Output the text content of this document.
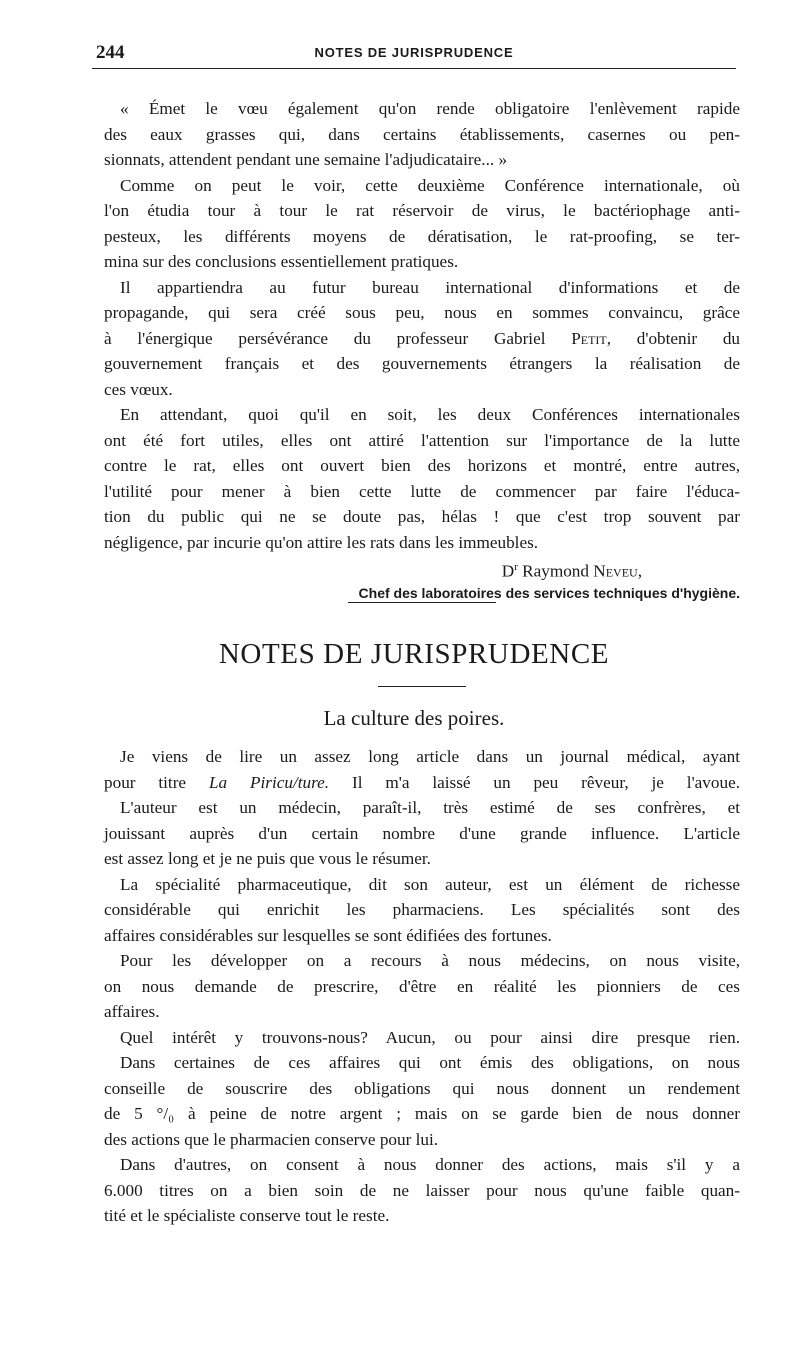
244	NOTES DE JURISPRUDENCE
« Émet le vœu également qu'on rende obligatoire l'enlèvement rapide
des eaux grasses qui, dans certains établissements, casernes ou pen-
sionnats, attendent pendant une semaine l'adjudicataire... »
Comme on peut le voir, cette deuxième Conférence internationale, où
l'on étudia tour à tour le rat réservoir de virus, le bactériophage anti-
pesteux, les différents moyens de dératisation, le rat-proofing, se ter-
mina sur des conclusions essentiellement pratiques.
Il appartiendra au futur bureau international d'informations et de
propagande, qui sera créé sous peu, nous en sommes convaincu, grâce
à l'énergique persévérance du professeur Gabriel Petit, d'obtenir du
gouvernement français et des gouvernements étrangers la réalisation de
ces vœux.
En attendant, quoi qu'il en soit, les deux Conférences internationales
ont été fort utiles, elles ont attiré l'attention sur l'importance de la lutte
contre le rat, elles ont ouvert bien des horizons et montré, entre autres,
l'utilité pour mener à bien cette lutte de commencer par faire l'éduca-
tion du public qui ne se doute pas, hélas ! que c'est trop souvent par
négligence, par incurie qu'on attire les rats dans les immeubles.
$D^r$ Raymond Neveu,
Chef des laboratoires des services techniques d'hygiène.
NOTES DE JURISPRUDENCE
La culture des poires.
Je viens de lire un assez long article dans un journal médical, ayant
pour titre La Piricu/ture. Il m'a laissé un peu rêveur, je l'avoue.
L'auteur est un médecin, paraît-il, très estimé de ses confrères, et
jouissant auprès d'un certain nombre d'une grande influence. L'article
est assez long et je ne puis que vous le résumer.
La spécialité pharmaceutique, dit son auteur, est un élément de richesse
considérable qui enrichit les pharmaciens. Les spécialités sont des
affaires considérables sur lesquelles se sont édifiées des fortunes.
Pour les développer on a recours à nous médecins, on nous visite,
on nous demande de prescrire, d'être en réalité les pionniers de ces
affaires.
Quel intérêt y trouvons-nous? Aucun, ou pour ainsi dire presque rien.
Dans certaines de ces affaires qui ont émis des obligations, on nous
conseille de souscrire des obligations qui nous donnent un rendement
de 5 °/₀ à peine de notre argent ; mais on se garde bien de nous donner
des actions que le pharmacien conserve pour lui.
Dans d'autres, on consent à nous donner des actions, mais s'il y a
6.000 titres on a bien soin de ne laisser pour nous qu'une faible quan-
tité et le spécialiste conserve tout le reste.
